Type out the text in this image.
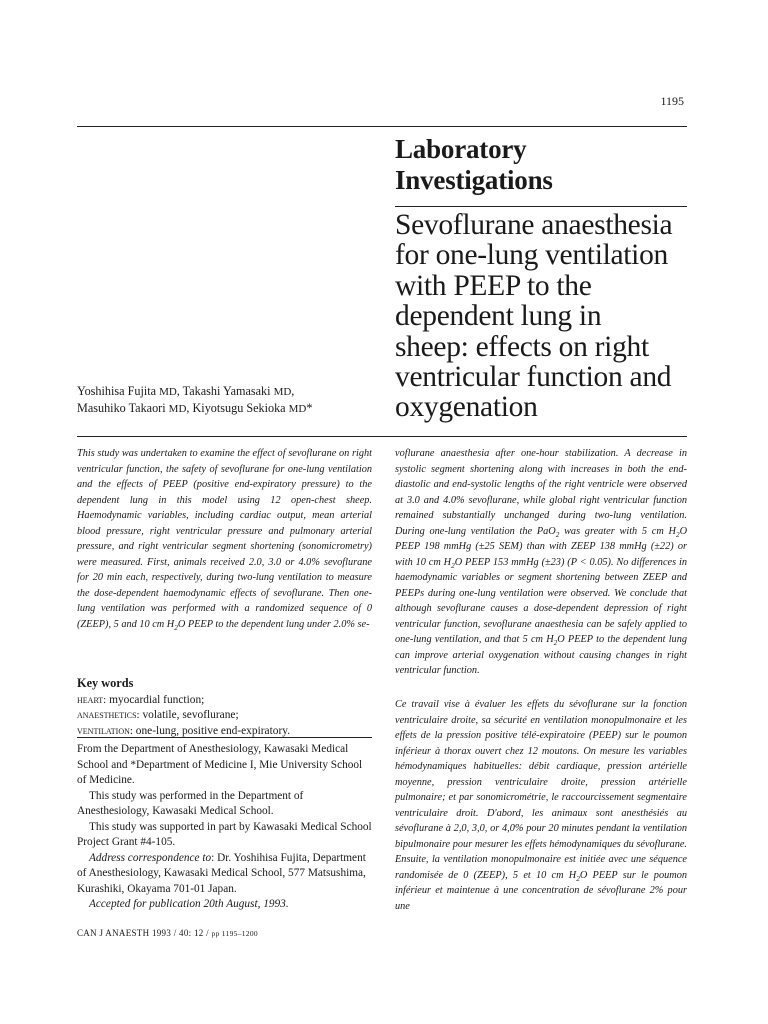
1195
Laboratory
Investigations
Sevoflurane anaesthesia
for one-lung ventilation
with PEEP to the
dependent lung in
sheep: effects on right
ventricular function and
oxygenation
Yoshihisa Fujita MD, Takashi Yamasaki MD,
Masuhiko Takaori MD, Kiyotsugu Sekioka MD*

This study was undertaken to examine the effect of sevoflurane on right ventricular function, the safety of sevoflurane for one-lung ventilation and the effects of PEEP (positive end-expiratory pressure) to the dependent lung in this model using 12 open-chest sheep. Haemodynamic variables, including cardiac output, mean arterial blood pressure, right ventricular pressure and pulmonary arterial pressure, and right ventricular segment shortening (sonomicrometry) were measured. First, animals received 2.0, 3.0 or 4.0% sevoflurane for 20 min each, respectively, during two-lung ventilation to measure the dose-dependent haemodynamic effects of sevoflurane. Then one-lung ventilation was performed with a randomized sequence of 0 (ZEEP), 5 and 10 cm $H_2O$ PEEP to the dependent lung under 2.0% se-

voflurane anaesthesia after one-hour stabilization. A decrease in systolic segment shortening along with increases in both the end-diastolic and end-systolic lengths of the right ventricle were observed at 3.0 and 4.0% sevoflurane, while global right ventricular function remained substantially unchanged during two-lung ventilation. During one-lung ventilation the PaO$_2$ was greater with 5 cm $H_2O$ PEEP 198 mmHg (±25 SEM) than with ZEEP 138 mmHg (±22) or with 10 cm $H_2O$ PEEP 153 mmHg (±23) (P < 0.05). No differences in haemodynamic variables or segment shortening between ZEEP and PEEPs during one-lung ventilation were observed. We conclude that although sevoflurane causes a dose-dependent depression of right ventricular function, sevoflurane anaesthesia can be safely applied to one-lung ventilation, and that 5 cm $H_2O$ PEEP to the dependent lung can improve arterial oxygenation without causing changes in right ventricular function.

Ce travail vise à évaluer les effets du sévoflurane sur la fonction ventriculaire droite, sa sécurité en ventilation monopulmonaire et les effets de la pression positive télé-expiratoire (PEEP) sur le poumon inférieur à thorax ouvert chez 12 moutons. On mesure les variables hémodynamiques habituelles: débit cardiaque, pression artérielle moyenne, pression ventriculaire droite, pression artérielle pulmonaire; et par sonomicrométrie, le raccourcissement segmentaire ventriculaire droit. D'abord, les animaux sont anesthésiés au sévoflurane à 2,0, 3,0, or 4,0% pour 20 minutes pendant la ventilation bipulmonaire pour mesurer les effets hémodynamiques du sévoflurane. Ensuite, la ventilation monopulmonaire est initiée avec une séquence randomisée de 0 (ZEEP), 5 et 10 cm $H_2O$ PEEP sur le poumon inférieur et maintenue à une concentration de sévoflurane 2% pour une

Key words
heart: myocardial function;
anaesthetics: volatile, sevoflurane;
ventilation: one-lung, positive end-expiratory.

From the Department of Anesthesiology, Kawasaki Medical School and *Department of Medicine I, Mie University School of Medicine.

This study was performed in the Department of Anesthesiology, Kawasaki Medical School.

This study was supported in part by Kawasaki Medical School Project Grant #4-105.

Address correspondence to: Dr. Yoshihisa Fujita, Department of Anesthesiology, Kawasaki Medical School, 577 Matsushima, Kurashiki, Okayama 701-01 Japan.

Accepted for publication 20th August, 1993.

CAN J ANAESTH 1993 / 40: 12 / pp 1195–1200
